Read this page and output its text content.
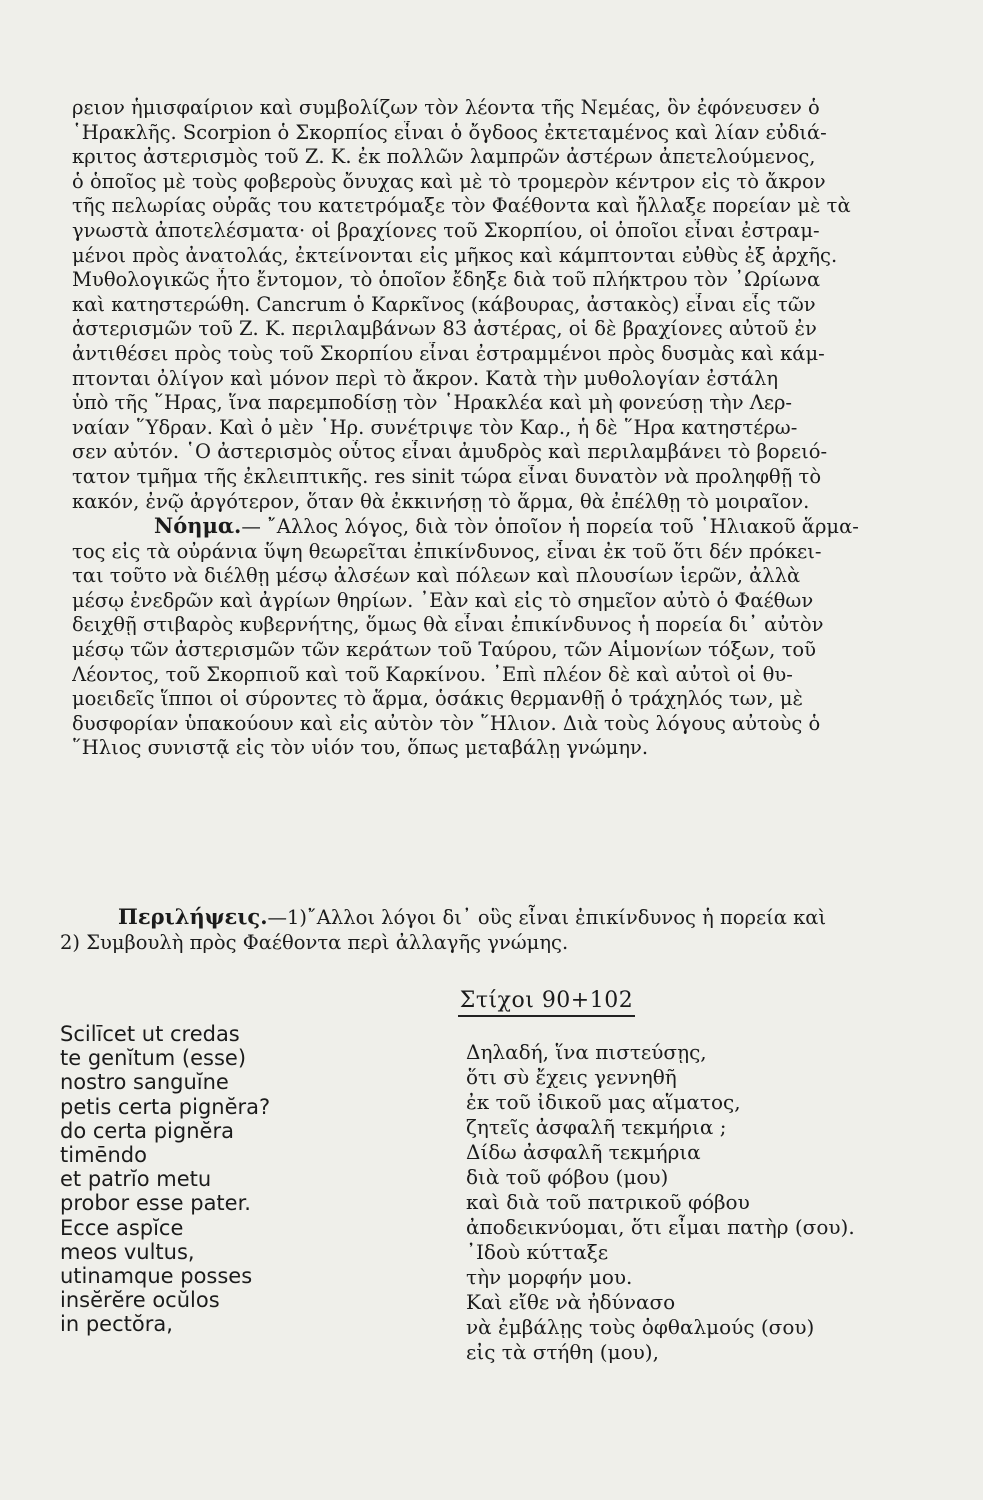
ρειον ἡμισφαίριον καὶ συμβολίζων τὸν λέοντα τῆς Νεμέας, ὃν ἐφόνευσεν ὁ
῾Ηρακλῆς. Scorpion ὁ Σκορπίος εἶναι ὁ ὄγδοος ἐκτεταμένος καὶ λίαν εὐδιά-
κριτος ἀστερισμὸς τοῦ Ζ. Κ. ἐκ πολλῶν λαμπρῶν ἀστέρων ἀπετελούμενος,
ὁ ὁποῖος μὲ τοὺς φοβεροὺς ὄνυχας καὶ μὲ τὸ τρομερὸν κέντρον εἰς τὸ ἄκρον
τῆς πελωρίας οὐρᾶς του κατετρόμαξε τὸν Φαέθοντα καὶ ἤλλαξε πορείαν μὲ τὰ
γνωστὰ ἀποτελέσματα· οἱ βραχίονες τοῦ Σκορπίου, οἱ ὁποῖοι εἶναι ἐστραμ-
μένοι πρὸς ἀνατολάς, ἐκτείνονται εἰς μῆκος καὶ κάμπτονται εὐθὺς ἐξ ἀρχῆς.
Μυθολογικῶς ἦτο ἔντομον, τὸ ὁποῖον ἔδηξε διὰ τοῦ πλήκτρου τὸν ᾿Ωρίωνα
καὶ κατηστερώθη. Cancrum ὁ Καρκῖνος (κάβουρας, ἀστακὸς) εἶναι εἷς τῶν
ἀστερισμῶν τοῦ Ζ. Κ. περιλαμβάνων 83 ἀστέρας, οἱ δὲ βραχίονες αὐτοῦ ἐν
ἀντιθέσει πρὸς τοὺς τοῦ Σκορπίου εἶναι ἐστραμμένοι πρὸς δυσμὰς καὶ κάμ-
πτονται ὀλίγον καὶ μόνον περὶ τὸ ἄκρον. Κατὰ τὴν μυθολογίαν ἐστάλη
ὑπὸ τῆς ῞Ηρας, ἵνα παρεμποδίσῃ τὸν ῾Ηρακλέα καὶ μὴ φονεύσῃ τὴν Λερ-
ναίαν ῞Υδραν. Καὶ ὁ μὲν ῾Ηρ. συνέτριψε τὸν Καρ., ἡ δὲ ῞Ηρα κατηστέρω-
σεν αὐτόν. ῾Ο ἀστερισμὸς οὗτος εἶναι ἀμυδρὸς καὶ περιλαμβάνει τὸ βορειό-
τατον τμῆμα τῆς ἐκλειπτικῆς. res sinit τώρα εἶναι δυνατὸν νὰ προληφθῇ τὸ
κακόν, ἐνῷ ἀργότερον, ὅταν θὰ ἐκκινήσῃ τὸ ἅρμα, θὰ ἐπέλθῃ τὸ μοιραῖον.
Νόημα.— ῎Αλλος λόγος, διὰ τὸν ὁποῖον ἡ πορεία τοῦ ῾Ηλιακοῦ ἅρμα-
τος εἰς τὰ οὐράνια ὕψη θεωρεῖται ἐπικίνδυνος, εἶναι ἐκ τοῦ ὅτι δέν πρόκει-
ται τοῦτο νὰ διέλθῃ μέσῳ ἀλσέων καὶ πόλεων καὶ πλουσίων ἱερῶν, ἀλλὰ
μέσῳ ἐνεδρῶν καὶ ἀγρίων θηρίων. ᾿Εὰν καὶ εἰς τὸ σημεῖον αὐτὸ ὁ Φαέθων
δειχθῇ στιβαρὸς κυβερνήτης, ὅμως θὰ εἶναι ἐπικίνδυνος ἡ πορεία δι᾿ αὐτὸν
μέσῳ τῶν ἀστερισμῶν τῶν κεράτων τοῦ Ταύρου, τῶν Αἱμονίων τόξων, τοῦ
Λέοντος, τοῦ Σκορπιοῦ καὶ τοῦ Καρκίνου. ᾿Επὶ πλέον δὲ καὶ αὐτοὶ οἱ θυ-
μοειδεῖς ἵπποι οἱ σύροντες τὸ ἅρμα, ὁσάκις θερμανθῇ ὁ τράχηλός των, μὲ
δυσφορίαν ὑπακούουν καὶ εἰς αὐτὸν τὸν ῞Ηλιον. Διὰ τοὺς λόγους αὐτοὺς ὁ
῞Ηλιος συνιστᾷ εἰς τὸν υἱόν του, ὅπως μεταβάλῃ γνώμην.
Περιλήψεις.—1)῎Αλλοι λόγοι δι᾿ οὓς εἶναι ἐπικίνδυνος ἡ πορεία καὶ
2) Συμβουλὴ πρὸς Φαέθοντα περὶ ἀλλαγῆς γνώμης.
Στίχοι 90+102
Scilīcet ut credas
te genĭtum (esse)
nostro sanguĭne
petis certa pignĕra?
do certa pignĕra
timēndo
et patrĭo metu
probor esse pater.
Ecce aspĭce
meos vultus,
utinamque posses
insĕrĕre ocŭlos
in pectŏra,
Δηλαδή, ἵνα πιστεύσῃς,
ὅτι σὺ ἔχεις γεννηθῆ
ἐκ τοῦ ἰδικοῦ μας αἵματος,
ζητεῖς ἀσφαλῆ τεκμήρια ;
Δίδω ἀσφαλῆ τεκμήρια
διὰ τοῦ φόβου (μου)
καὶ διὰ τοῦ πατρικοῦ φόβου
ἀποδεικνύομαι, ὅτι εἶμαι πατὴρ (σου).
᾿Ιδοὺ κύτταξε
τὴν μορφήν μου.
Καὶ εἴθε νὰ ἠδύνασο
νὰ ἐμβάλῃς τοὺς ὀφθαλμούς (σου)
εἰς τὰ στήθη (μου),
